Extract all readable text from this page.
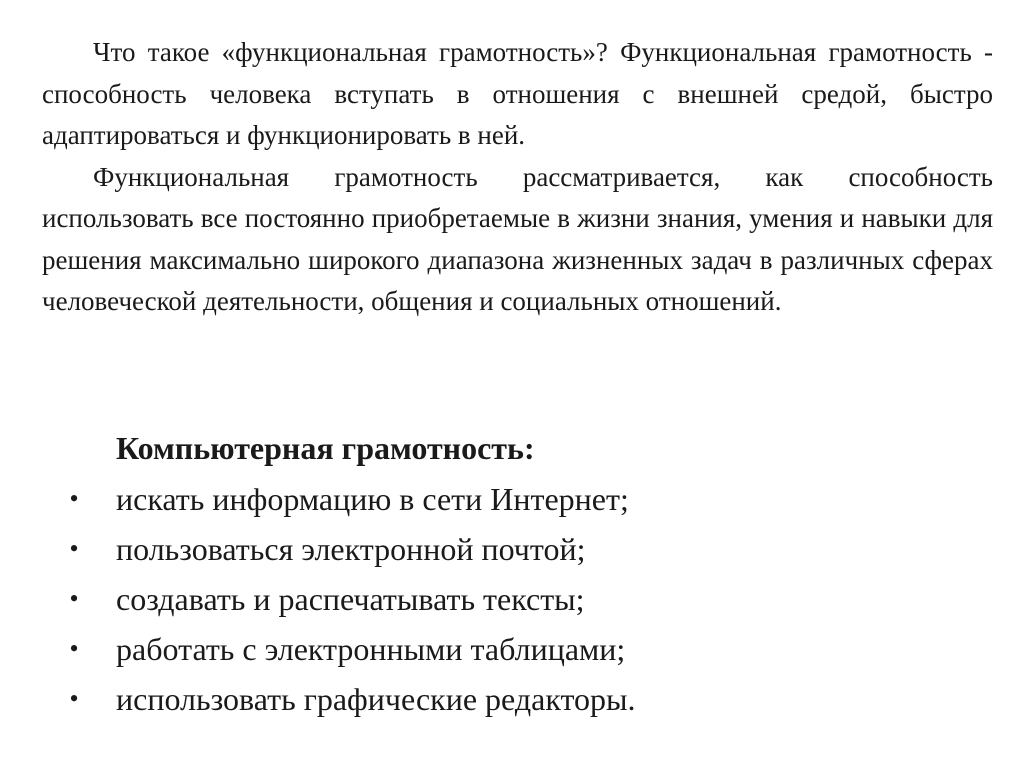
Что такое «функциональная грамотность»? Функциональная грамотность - способность человека вступать в отношения с внешней средой, быстро адаптироваться и функционировать в ней.

Функциональная грамотность рассматривается, как способность использовать все постоянно приобретаемые в жизни знания, умения и навыки для решения максимально широкого диапазона жизненных задач в различных сферах человеческой деятельности, общения и социальных отношений.

Компьютерная грамотность:
• искать информацию в сети Интернет;
• пользоваться электронной почтой;
• создавать и распечатывать тексты;
• работать с электронными таблицами;
• использовать графические редакторы.
